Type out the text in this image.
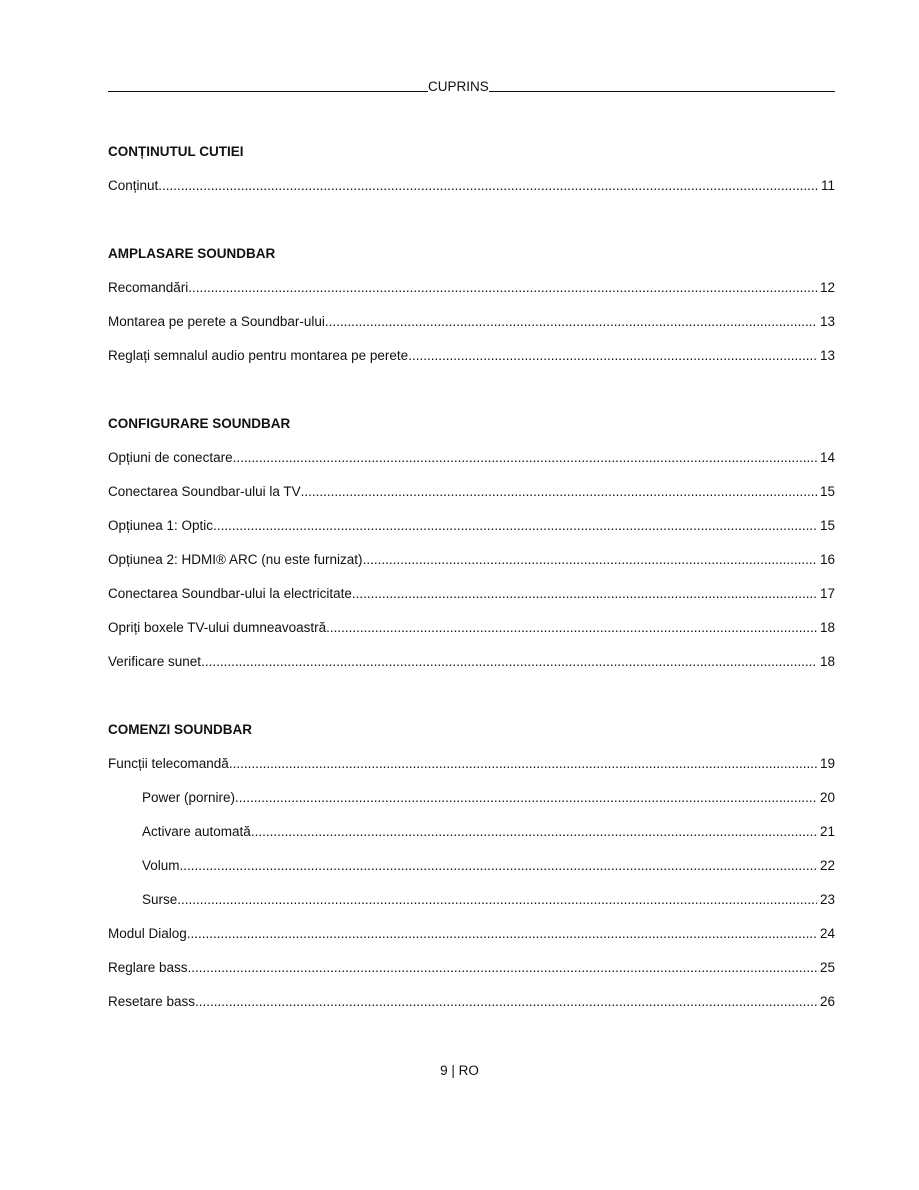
CUPRINS
CONȚINUTUL CUTIEI
Conținut .....	11
AMPLASARE SOUNDBAR
Recomandări .....	12
Montarea pe perete a Soundbar-ului .....	13
Reglați semnalul audio pentru montarea pe perete .....	13
CONFIGURARE SOUNDBAR
Opțiuni de conectare .....	14
Conectarea Soundbar-ului la TV .....	15
Opțiunea 1: Optic .....	15
Opțiunea 2: HDMI® ARC (nu este furnizat) .....	16
Conectarea Soundbar-ului la electricitate .....	17
Opriți boxele TV-ului dumneavoastră .....	18
Verificare sunet .....	18
COMENZI SOUNDBAR
Funcții telecomandă .....	19
Power (pornire) .....	20
Activare automată .....	21
Volum .....	22
Surse .....	23
Modul Dialog .....	24
Reglare bass .....	25
Resetare bass .....	26
9 | RO
